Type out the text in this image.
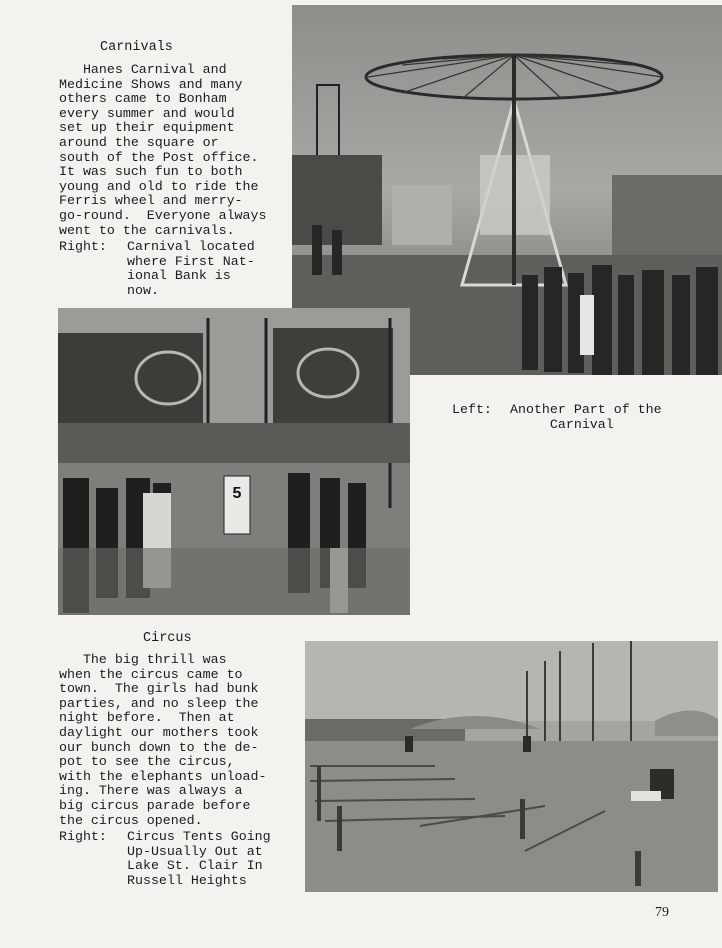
Carnivals
Hanes Carnival and
Medicine Shows and many
others came to Bonham
every summer and would
set up their equipment
around the square or
south of the Post office.
It was such fun to both
young and old to ride the
Ferris wheel and merry-
go-round.  Everyone always
went to the carnivals.
Right: Carnival located
where First Nat-
ional Bank is
now.
5
Left: Another Part of the
Carnival
Circus
The big thrill was
when the circus came to
town.  The girls had bunk
parties, and no sleep the
night before.  Then at
daylight our mothers took
our bunch down to the de-
pot to see the circus,
with the elephants unload-
ing. There was always a
big circus parade before
the circus opened.
Right: Circus Tents Going
Up-Usually Out at
Lake St. Clair In
Russell Heights
79
